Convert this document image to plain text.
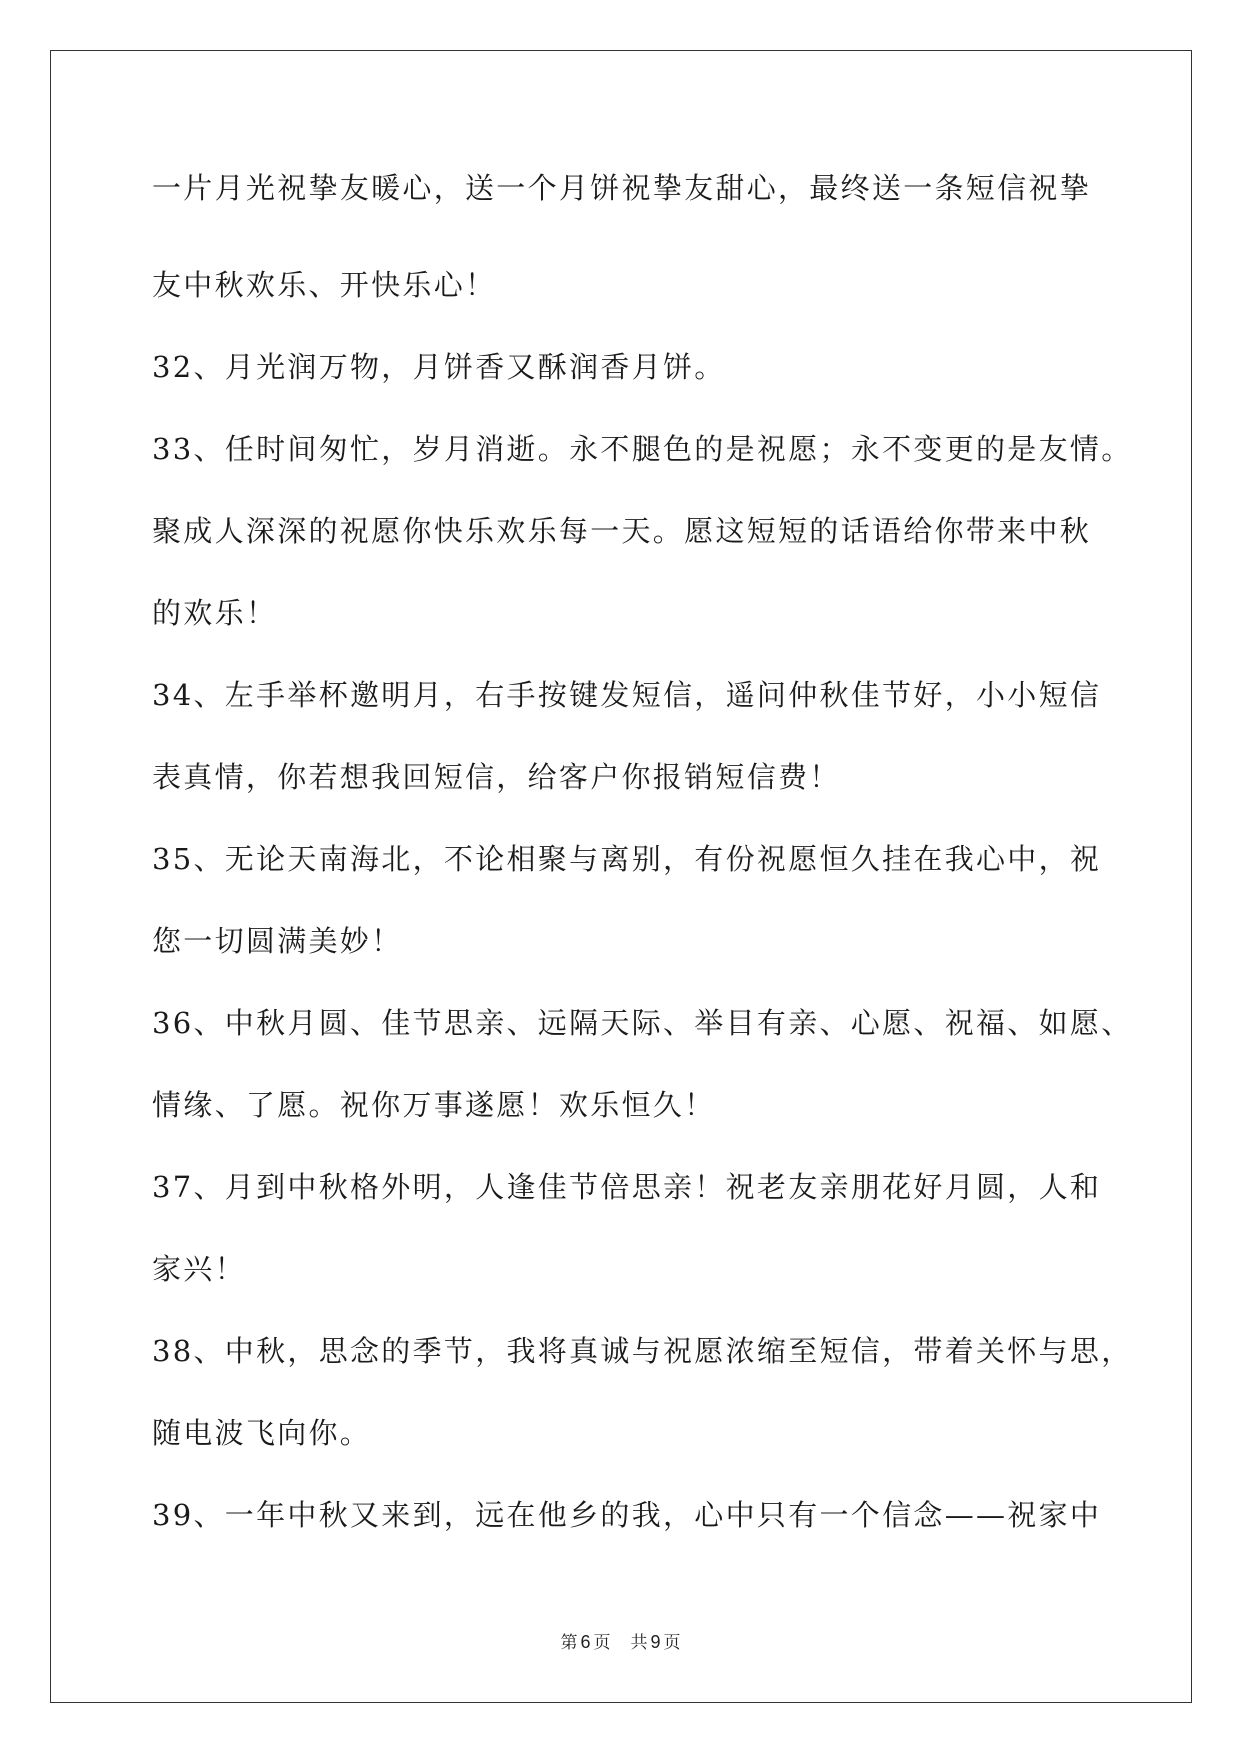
一片月光祝挚友暖心，送一个月饼祝挚友甜心，最终送一条短信祝挚

友中秋欢乐、开快乐心！

32、月光润万物，月饼香又酥润香月饼。

33、任时间匆忙，岁月消逝。永不腿色的是祝愿；永不变更的是友情。

聚成人深深的祝愿你快乐欢乐每一天。愿这短短的话语给你带来中秋

的欢乐！

34、左手举杯邀明月，右手按键发短信，遥问仲秋佳节好，小小短信

表真情，你若想我回短信，给客户你报销短信费！

35、无论天南海北，不论相聚与离别，有份祝愿恒久挂在我心中，祝

您一切圆满美妙！

36、中秋月圆、佳节思亲、远隔天际、举目有亲、心愿、祝福、如愿、

情缘、了愿。祝你万事遂愿！欢乐恒久！

37、月到中秋格外明，人逢佳节倍思亲！祝老友亲朋花好月圆，人和

家兴！

38、中秋，思念的季节，我将真诚与祝愿浓缩至短信，带着关怀与思，

随电波飞向你。

39、一年中秋又来到，远在他乡的我，心中只有一个信念——祝家中

第 6 页 共 9 页
